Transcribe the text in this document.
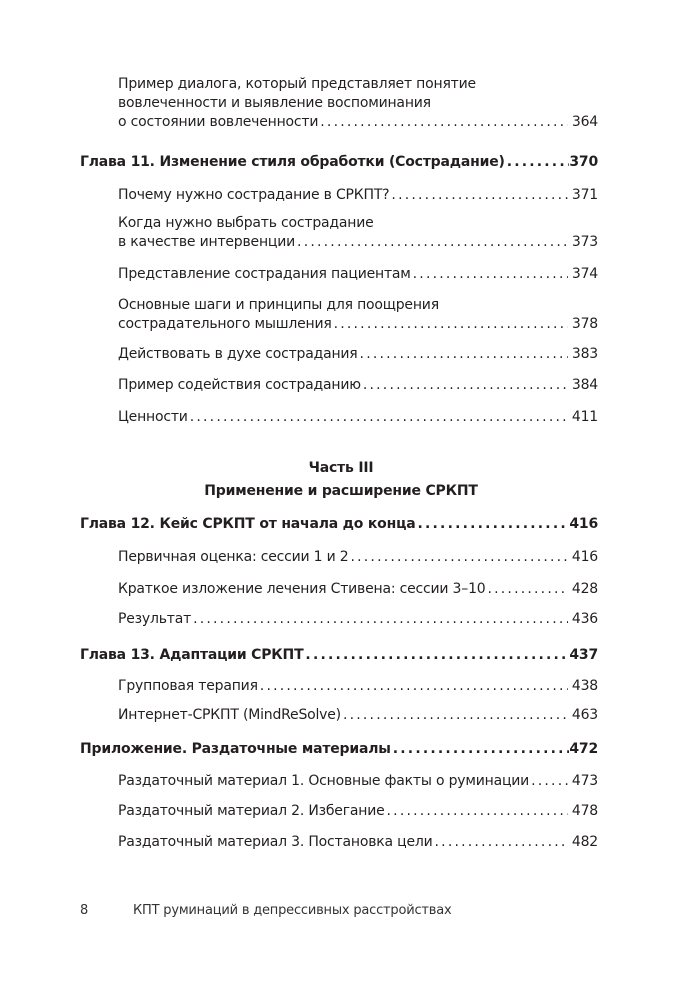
Пример диалога, который представляет понятие
вовлеченности и выявление воспоминания
о состоянии вовлеченности .....	364
Глава 11. Изменение стиля обработки (Сострадание) .....	370
Почему нужно сострадание в СРКПТ? .....	371
Когда нужно выбрать сострадание
в качестве интервенции .....	373
Представление сострадания пациентам .....	374
Основные шаги и принципы для поощрения
сострадательного мышления .....	378
Действовать в духе сострадания .....	383
Пример содействия состраданию .....	384
Ценности .....	411
Глава 12. Кейс СРКПТ от начала до конца .....	416
Первичная оценка: сессии 1 и 2 .....	416
Краткое изложение лечения Стивена: сессии 3–10 .....	428
Результат .....	436
Глава 13. Адаптации СРКПТ .....	437
Групповая терапия .....	438
Интернет-СРКПТ (MindReSolve) .....	463
Приложение. Раздаточные материалы .....	472
Раздаточный материал 1. Основные факты о руминации .....	473
Раздаточный материал 2. Избегание .....	478
Раздаточный материал 3. Постановка цели .....	482
Часть III
Применение и расширение СРКПТ
8	КПТ руминаций в депрессивных расстройствах
